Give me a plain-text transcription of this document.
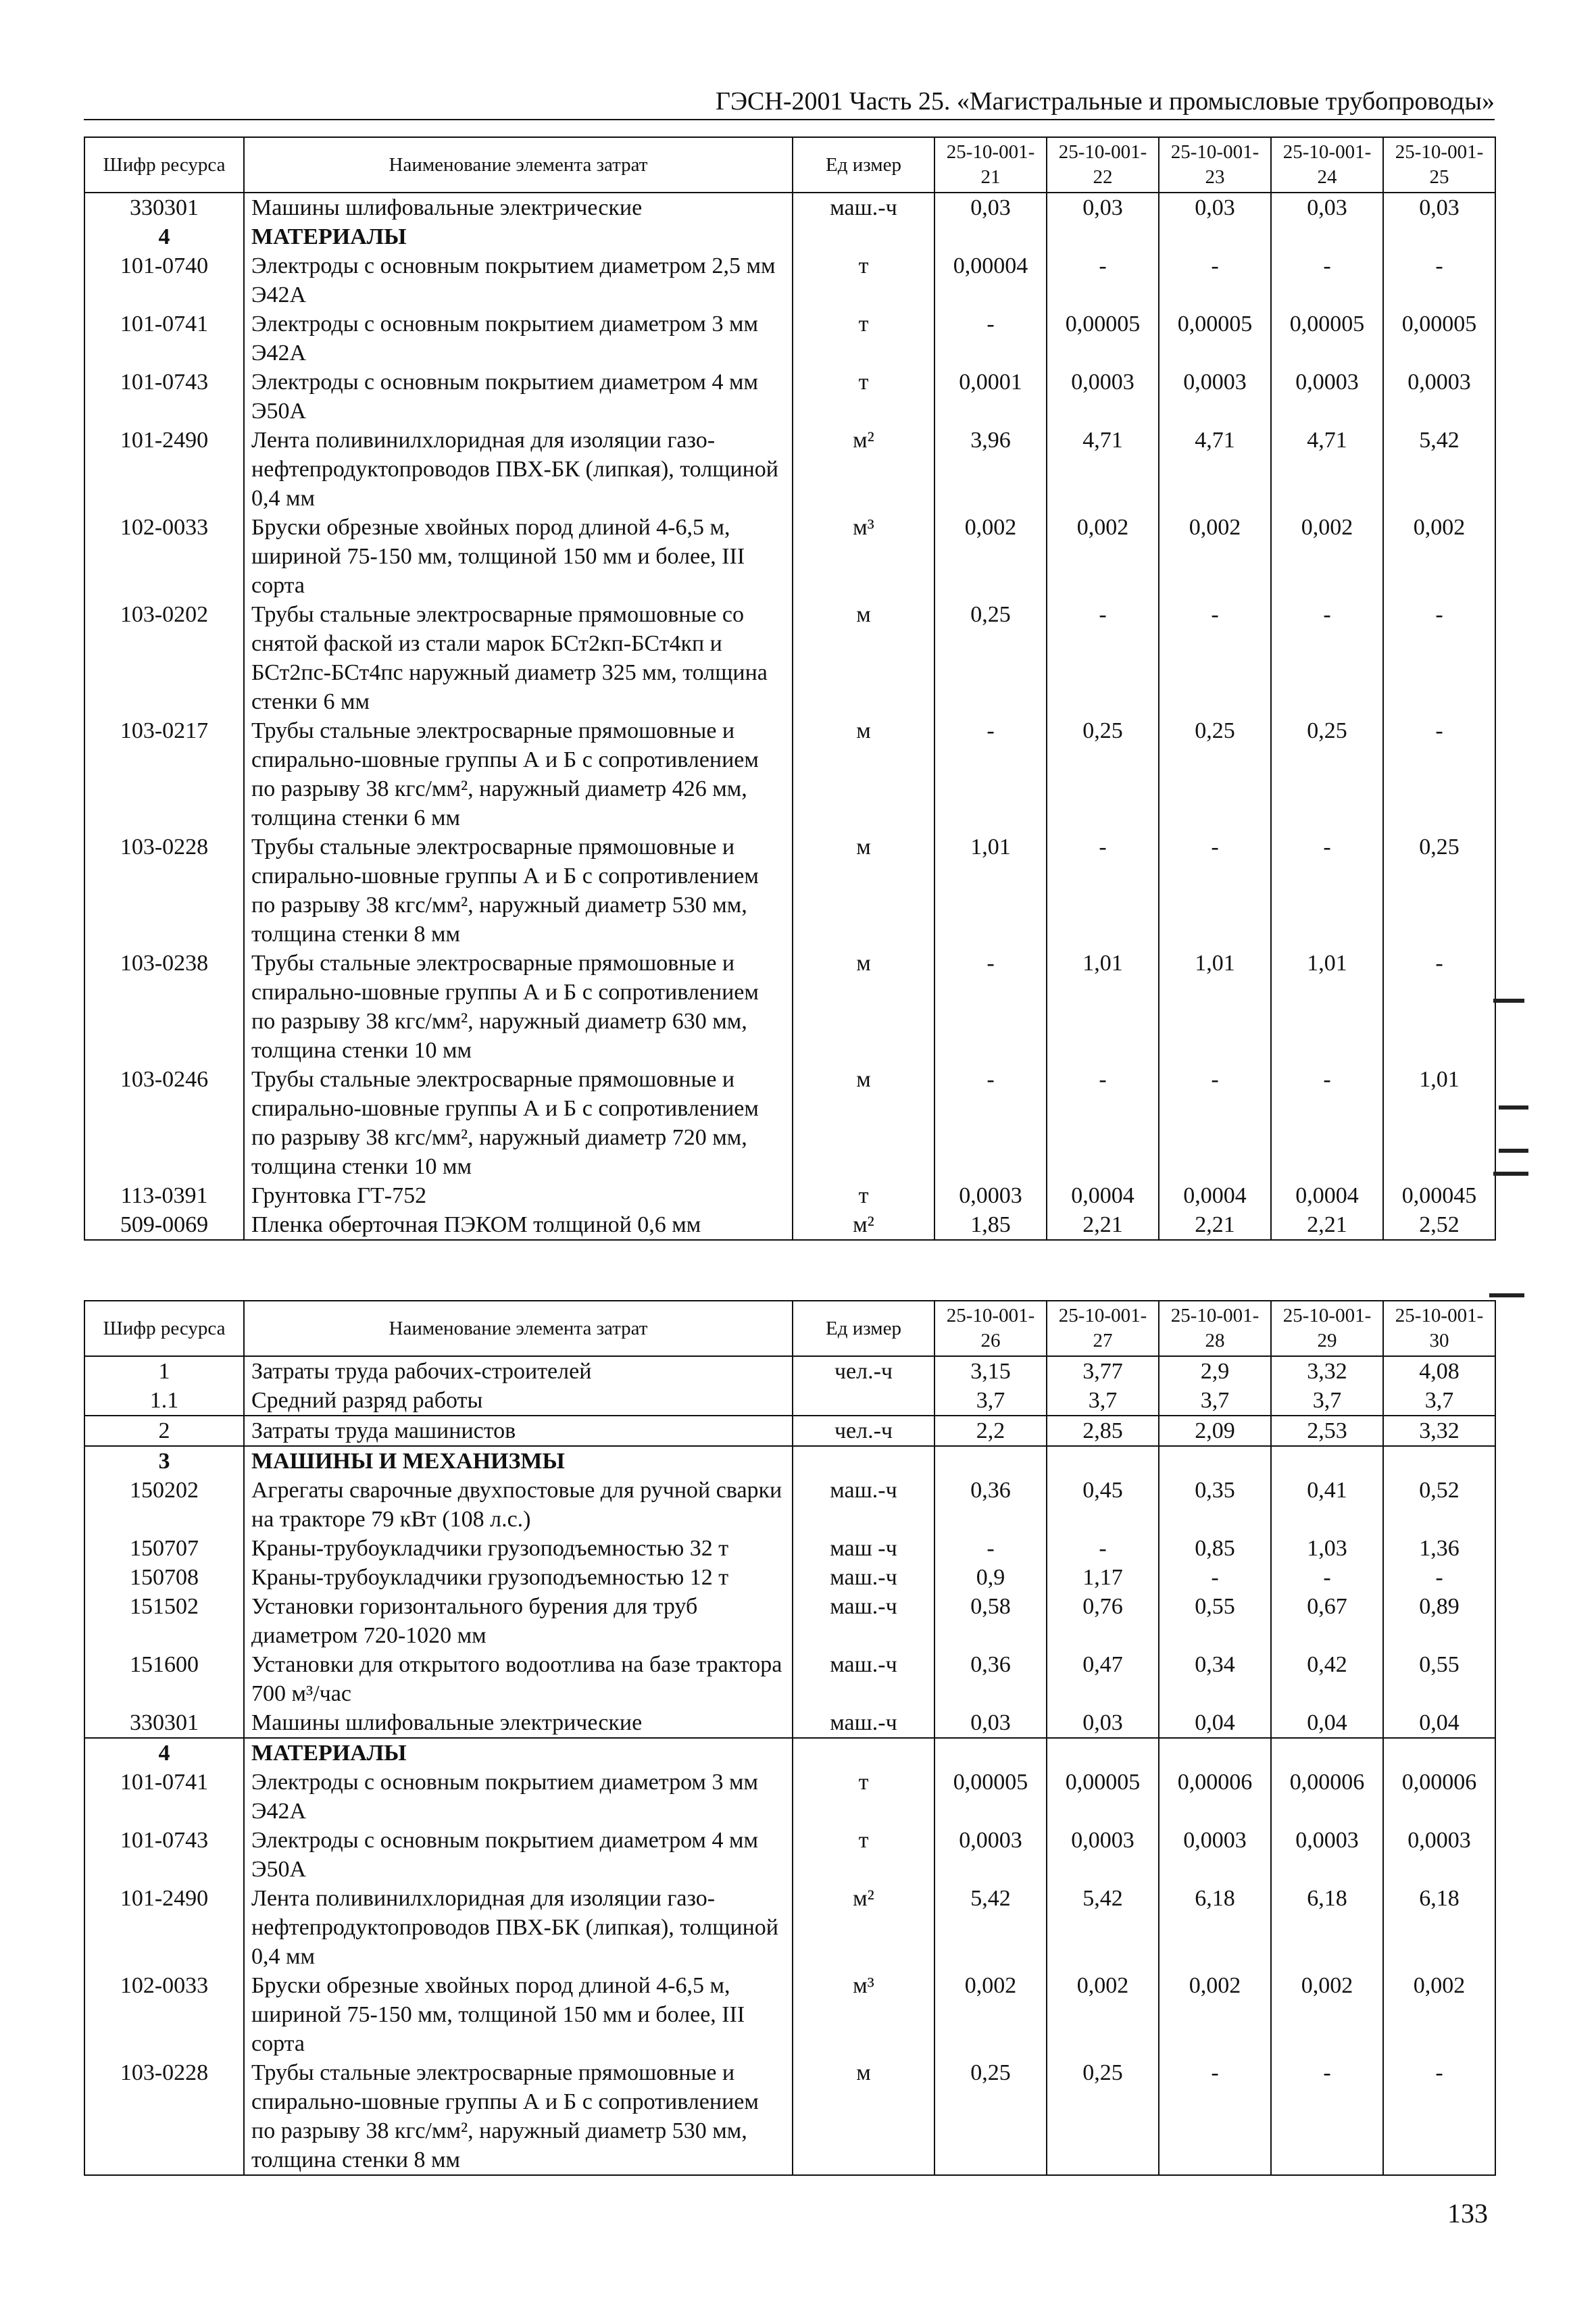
ГЭСН-2001 Часть 25. «Магистральные и промысловые трубопроводы»
Шифр ресурса	Наименование элемента затрат	Ед измер	25-10-001-21	25-10-001-22	25-10-001-23	25-10-001-24	25-10-001-25
330301	Машины шлифовальные электрические	маш.-ч	0,03	0,03	0,03	0,03	0,03
4	МАТЕРИАЛЫ						
101-0740	Электроды с основным покрытием диаметром 2,5 мм Э42А	т	0,00004	-	-	-	-
101-0741	Электроды с основным покрытием диаметром 3 мм Э42А	т	-	0,00005	0,00005	0,00005	0,00005
101-0743	Электроды с основным покрытием диаметром 4 мм Э50А	т	0,0001	0,0003	0,0003	0,0003	0,0003
101-2490	Лента поливинилхлоридная для изоляции газо-нефтепродуктопроводов ПВХ-БК (липкая), толщиной 0,4 мм	м²	3,96	4,71	4,71	4,71	5,42
102-0033	Бруски обрезные хвойных пород длиной 4-6,5 м, шириной 75-150 мм, толщиной 150 мм и более, III сорта	м³	0,002	0,002	0,002	0,002	0,002
103-0202	Трубы стальные электросварные прямошовные со снятой фаской из стали марок БСт2кп-БСт4кп и БСт2пс-БСт4пс наружный диаметр 325 мм, толщина стенки 6 мм	м	0,25	-	-	-	-
103-0217	Трубы стальные электросварные прямошовные и спирально-шовные группы А и Б с сопротивлением по разрыву 38 кгс/мм², наружный диаметр 426 мм, толщина стенки 6 мм	м	-	0,25	0,25	0,25	-
103-0228	Трубы стальные электросварные прямошовные и спирально-шовные группы А и Б с сопротивлением по разрыву 38 кгс/мм², наружный диаметр 530 мм, толщина стенки 8 мм	м	1,01	-	-	-	0,25
103-0238	Трубы стальные электросварные прямошовные и спирально-шовные группы А и Б с сопротивлением по разрыву 38 кгс/мм², наружный диаметр 630 мм, толщина стенки 10 мм	м	-	1,01	1,01	1,01	-
103-0246	Трубы стальные электросварные прямошовные и спирально-шовные группы А и Б с сопротивлением по разрыву 38 кгс/мм², наружный диаметр 720 мм, толщина стенки 10 мм	м	-	-	-	-	1,01
113-0391	Грунтовка ГТ-752	т	0,0003	0,0004	0,0004	0,0004	0,00045
509-0069	Пленка оберточная ПЭКОМ толщиной 0,6 мм	м²	1,85	2,21	2,21	2,21	2,52
Шифр ресурса	Наименование элемента затрат	Ед измер	25-10-001-26	25-10-001-27	25-10-001-28	25-10-001-29	25-10-001-30
1	Затраты труда рабочих-строителей	чел.-ч	3,15	3,77	2,9	3,32	4,08
1.1	Средний разряд работы		3,7	3,7	3,7	3,7	3,7
2	Затраты труда машинистов	чел.-ч	2,2	2,85	2,09	2,53	3,32
3	МАШИНЫ И МЕХАНИЗМЫ						
150202	Агрегаты сварочные двухпостовые для ручной сварки на тракторе 79 кВт (108 л.с.)	маш.-ч	0,36	0,45	0,35	0,41	0,52
150707	Краны-трубоукладчики грузоподъемностью 32 т	маш -ч	-	-	0,85	1,03	1,36
150708	Краны-трубоукладчики грузоподъемностью 12 т	маш.-ч	0,9	1,17	-	-	-
151502	Установки горизонтального бурения для труб диаметром 720-1020 мм	маш.-ч	0,58	0,76	0,55	0,67	0,89
151600	Установки для открытого водоотлива на базе трактора 700 м³/час	маш.-ч	0,36	0,47	0,34	0,42	0,55
330301	Машины шлифовальные электрические	маш.-ч	0,03	0,03	0,04	0,04	0,04
4	МАТЕРИАЛЫ						
101-0741	Электроды с основным покрытием диаметром 3 мм Э42А	т	0,00005	0,00005	0,00006	0,00006	0,00006
101-0743	Электроды с основным покрытием диаметром 4 мм Э50А	т	0,0003	0,0003	0,0003	0,0003	0,0003
101-2490	Лента поливинилхлоридная для изоляции газо-нефтепродуктопроводов ПВХ-БК (липкая), толщиной 0,4 мм	м²	5,42	5,42	6,18	6,18	6,18
102-0033	Бруски обрезные хвойных пород длиной 4-6,5 м, шириной 75-150 мм, толщиной 150 мм и более, III сорта	м³	0,002	0,002	0,002	0,002	0,002
103-0228	Трубы стальные электросварные прямошовные и спирально-шовные группы А и Б с сопротивлением по разрыву 38 кгс/мм², наружный диаметр 530 мм, толщина стенки 8 мм	м	0,25	0,25	-	-	-
133
